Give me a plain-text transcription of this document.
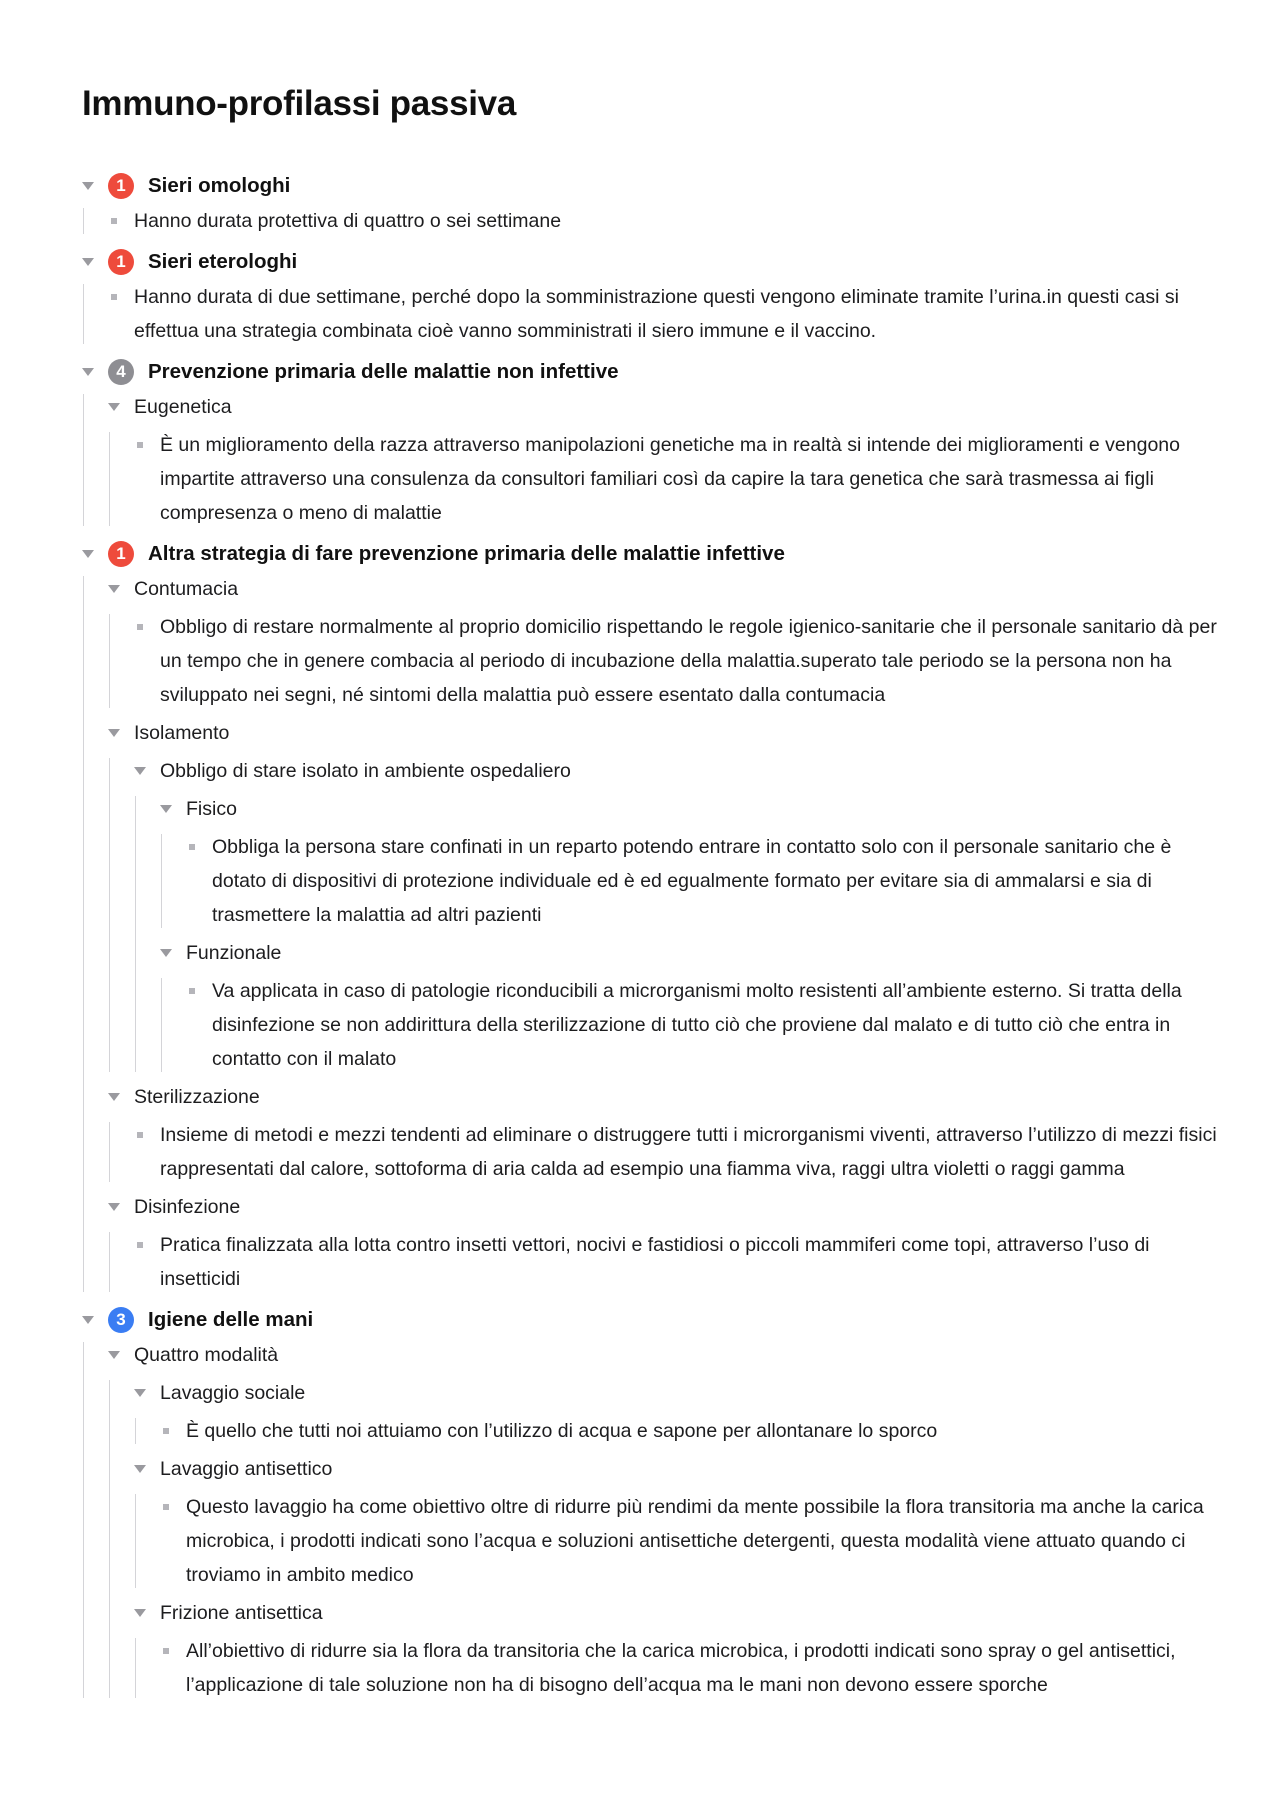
Immuno-profilassi passiva
1	Sieri omologhi
Hanno durata protettiva di quattro o sei settimane
1	Sieri eterologhi
Hanno durata di due settimane, perché dopo la somministrazione questi vengono eliminate tramite l’urina.in questi casi si effettua una strategia combinata cioè vanno somministrati il siero immune e il vaccino.
4	Prevenzione primaria delle malattie non infettive
Eugenetica
È un miglioramento della razza attraverso manipolazioni genetiche ma in realtà si intende dei miglioramenti e vengono impartite attraverso una consulenza da consultori familiari così da capire la tara genetica che sarà trasmessa ai figli compresenza o meno di malattie
1	Altra strategia di fare prevenzione primaria delle malattie infettive
Contumacia
Obbligo di restare normalmente al proprio domicilio rispettando le regole igienico-sanitarie che il personale sanitario dà per un tempo che in genere combacia al periodo di incubazione della malattia.superato tale periodo se la persona non ha sviluppato nei segni, né sintomi della malattia può essere esentato dalla contumacia
Isolamento
Obbligo di stare isolato in ambiente ospedaliero
Fisico
Obbliga la persona stare confinati in un reparto potendo entrare in contatto solo con il personale sanitario che è dotato di dispositivi di protezione individuale ed è ed egualmente formato per evitare sia di ammalarsi e sia di trasmettere la malattia ad altri pazienti
Funzionale
Va applicata in caso di patologie riconducibili a microrganismi molto resistenti all’ambiente esterno. Si tratta della disinfezione se non addirittura della sterilizzazione di tutto ciò che proviene dal malato e di tutto ciò che entra in contatto con il malato
Sterilizzazione
Insieme di metodi e mezzi tendenti ad eliminare o distruggere tutti i microrganismi viventi, attraverso l’utilizzo di mezzi fisici rappresentati dal calore, sottoforma di aria calda ad esempio una fiamma viva, raggi ultra violetti o raggi gamma
Disinfezione
Pratica finalizzata alla lotta contro insetti vettori, nocivi e fastidiosi o piccoli mammiferi come topi, attraverso l’uso di insetticidi
3	Igiene delle mani
Quattro modalità
Lavaggio sociale
È quello che tutti noi attuiamo con l’utilizzo di acqua e sapone per allontanare lo sporco
Lavaggio antisettico
Questo lavaggio ha come obiettivo oltre di ridurre più rendimi da mente possibile la flora transitoria ma anche la carica microbica, i prodotti indicati sono l’acqua e soluzioni antisettiche detergenti, questa modalità viene attuato quando ci troviamo in ambito medico
Frizione antisettica
All’obiettivo di ridurre sia la flora da transitoria che la carica microbica, i prodotti indicati sono spray o gel antisettici, l’applicazione di tale soluzione non ha di bisogno dell’acqua ma le mani non devono essere sporche
